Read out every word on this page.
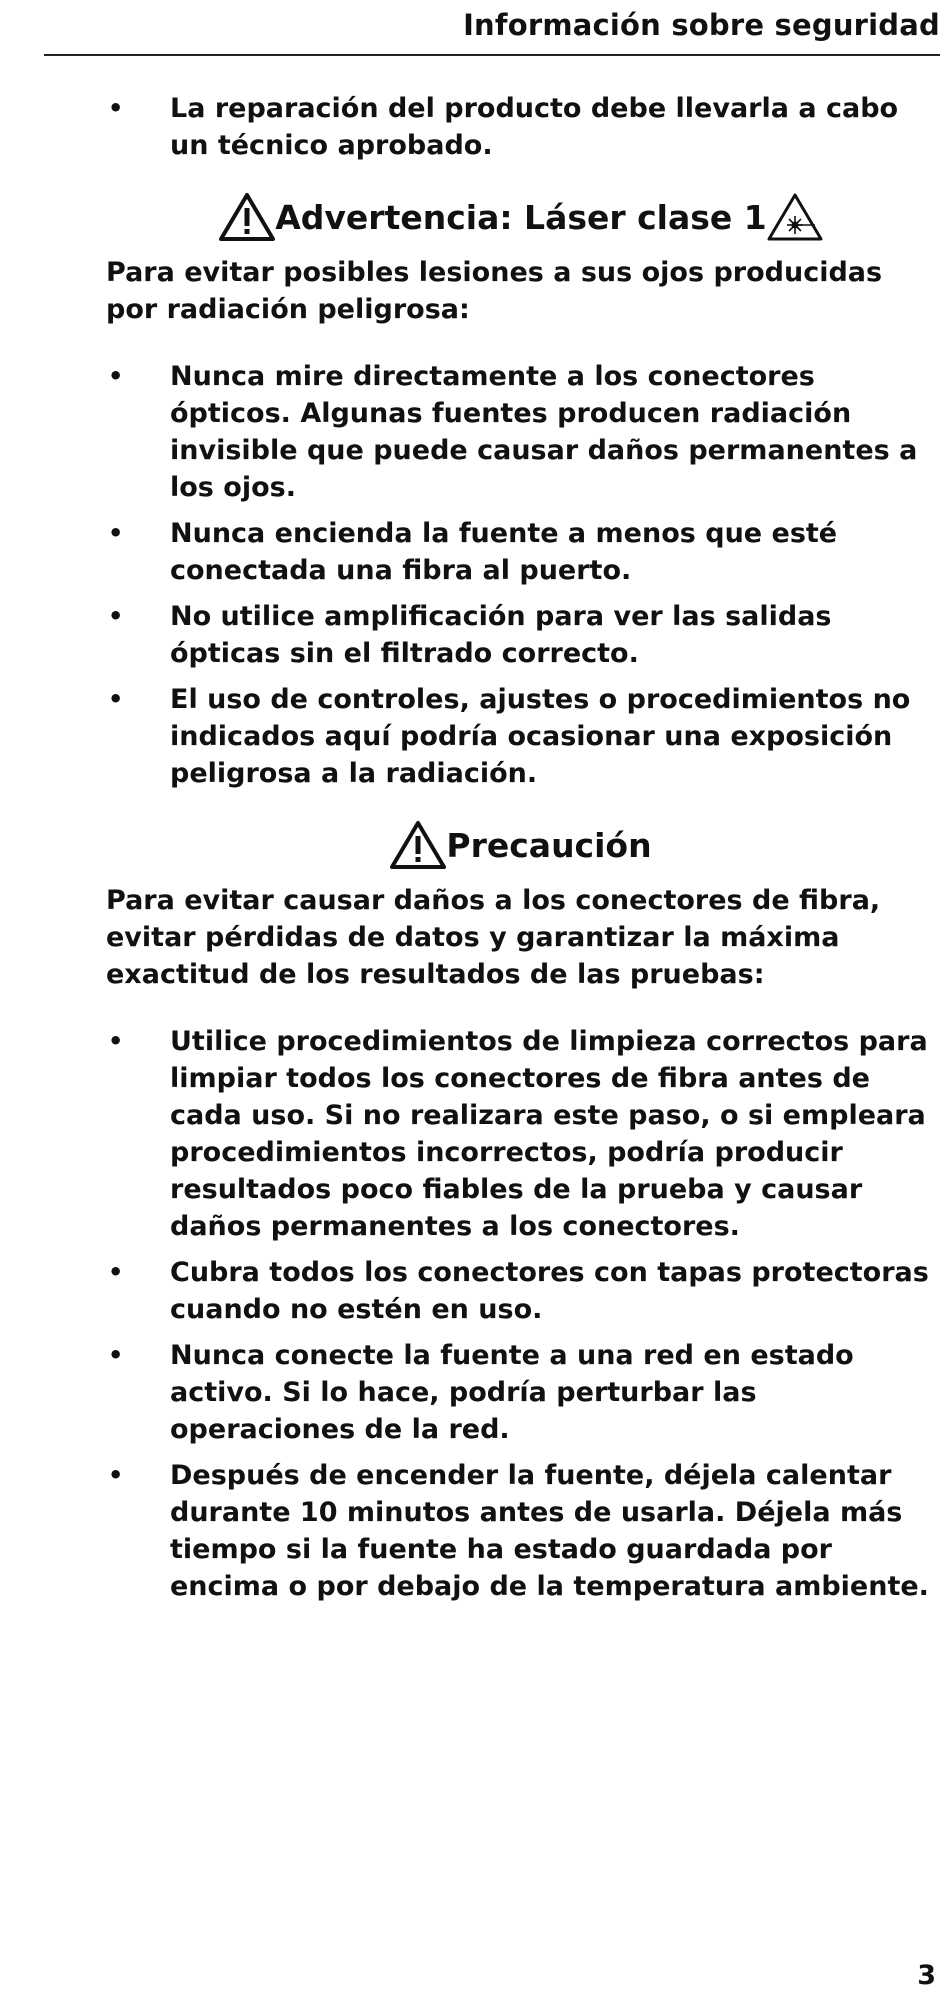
Información sobre seguridad
• La reparación del producto debe llevarla a cabo un técnico aprobado.
Advertencia: Láser clase 1

Para evitar posibles lesiones a sus ojos producidas por radiación peligrosa:

• Nunca mire directamente a los conectores ópticos. Algunas fuentes producen radiación invisible que puede causar daños permanentes a los ojos.
• Nunca encienda la fuente a menos que esté conectada una fibra al puerto.
• No utilice amplificación para ver las salidas ópticas sin el filtrado correcto.
• El uso de controles, ajustes o procedimientos no indicados aquí podría ocasionar una exposición peligrosa a la radiación.
Precaución

Para evitar causar daños a los conectores de fibra, evitar pérdidas de datos y garantizar la máxima exactitud de los resultados de las pruebas:

• Utilice procedimientos de limpieza correctos para limpiar todos los conectores de fibra antes de cada uso. Si no realizara este paso, o si empleara procedimientos incorrectos, podría producir resultados poco fiables de la prueba y causar daños permanentes a los conectores.
• Cubra todos los conectores con tapas protectoras cuando no estén en uso.
• Nunca conecte la fuente a una red en estado activo. Si lo hace, podría perturbar las operaciones de la red.
• Después de encender la fuente, déjela calentar durante 10 minutos antes de usarla. Déjela más tiempo si la fuente ha estado guardada por encima o por debajo de la temperatura ambiente.
3
